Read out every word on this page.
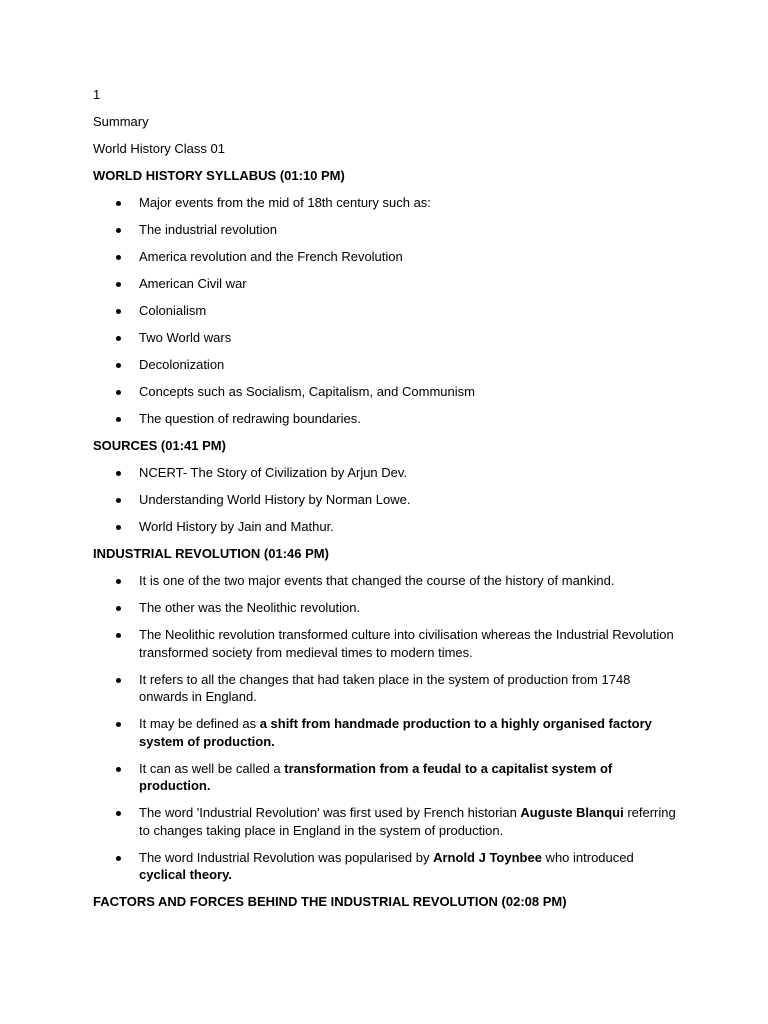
1

Summary

World History Class 01

WORLD HISTORY SYLLABUS (01:10 PM)

Major events from the mid of 18th century such as:
The industrial revolution
America revolution and the French Revolution
American Civil war
Colonialism
Two World wars
Decolonization
Concepts such as Socialism, Capitalism, and Communism
The question of redrawing boundaries.

SOURCES (01:41 PM)

NCERT- The Story of Civilization by Arjun Dev.
Understanding World History by Norman Lowe.
World History by Jain and Mathur.

INDUSTRIAL REVOLUTION (01:46 PM)

It is one of the two major events that changed the course of the history of mankind.
The other was the Neolithic revolution.
The Neolithic revolution transformed culture into civilisation whereas the Industrial Revolution transformed society from medieval times to modern times.
It refers to all the changes that had taken place in the system of production from 1748 onwards in England.
It may be defined as a shift from handmade production to a highly organised factory system of production.
It can as well be called a transformation from a feudal to a capitalist system of production.
The word 'Industrial Revolution' was first used by French historian Auguste Blanqui referring to changes taking place in England in the system of production.
The word Industrial Revolution was popularised by Arnold J Toynbee who introduced cyclical theory.

FACTORS AND FORCES BEHIND THE INDUSTRIAL REVOLUTION (02:08 PM)
